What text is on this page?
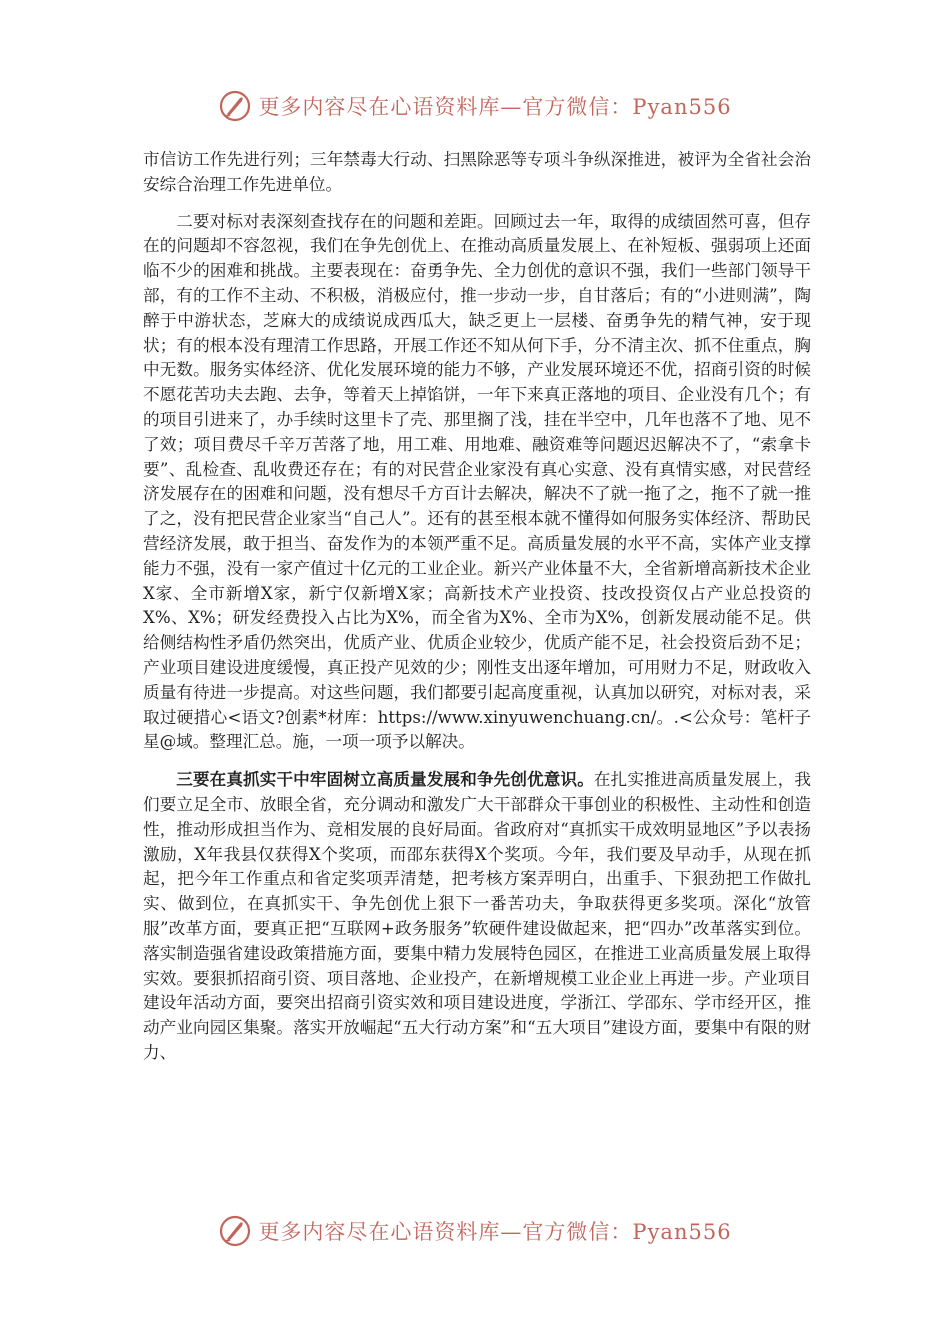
更多内容尽在心语资料库—官方微信：Pyan556

市信访工作先进行列；三年禁毒大行动、扫黑除恶等专项斗争纵深推进，被评为全省社会治安综合治理工作先进单位。

二要对标对表深刻查找存在的问题和差距。回顾过去一年，取得的成绩固然可喜，但存在的问题却不容忽视，我们在争先创优上、在推动高质量发展上、在补短板、强弱项上还面临不少的困难和挑战。主要表现在：奋勇争先、全力创优的意识不强，我们一些部门领导干部，有的工作不主动、不积极，消极应付，推一步动一步，自甘落后；有的“小进则满”，陶醉于中游状态，芝麻大的成绩说成西瓜大，缺乏更上一层楼、奋勇争先的精气神，安于现状；有的根本没有理清工作思路，开展工作还不知从何下手，分不清主次、抓不住重点，胸中无数。服务实体经济、优化发展环境的能力不够，产业发展环境还不优，招商引资的时候不愿花苦功夫去跑、去争，等着天上掉馅饼，一年下来真正落地的项目、企业没有几个；有的项目引进来了，办手续时这里卡了壳、那里搁了浅，挂在半空中，几年也落不了地、见不了效；项目费尽千辛万苦落了地，用工难、用地难、融资难等问题迟迟解决不了，“索拿卡要”、乱检查、乱收费还存在；有的对民营企业家没有真心实意、没有真情实感，对民营经济发展存在的困难和问题，没有想尽千方百计去解决，解决不了就一拖了之，拖不了就一推了之，没有把民营企业家当“自己人”。还有的甚至根本就不懂得如何服务实体经济、帮助民营经济发展，敢于担当、奋发作为的本领严重不足。高质量发展的水平不高，实体产业支撑能力不强，没有一家产值过十亿元的工业企业。新兴产业体量不大，全省新增高新技术企业X家、全市新增X家，新宁仅新增X家；高新技术产业投资、技改投资仅占产业总投资的X%、X%；研发经费投入占比为X%，而全省为X%、全市为X%，创新发展动能不足。供给侧结构性矛盾仍然突出，优质产业、优质企业较少，优质产能不足，社会投资后劲不足；产业项目建设进度缓慢，真正投产见效的少；刚性支出逐年增加，可用财力不足，财政收入质量有待进一步提高。对这些问题，我们都要引起高度重视，认真加以研究，对标对表，采取过硬措心<语文?创素*材库：https://www.xinyuwenchuang.cn/。.<公众号：笔杆子星@域。整理汇总。施，一项一项予以解决。

三要在真抓实干中牢固树立高质量发展和争先创优意识。在扎实推进高质量发展上，我们要立足全市、放眼全省，充分调动和激发广大干部群众干事创业的积极性、主动性和创造性，推动形成担当作为、竞相发展的良好局面。省政府对“真抓实干成效明显地区”予以表扬激励，X年我县仅获得X个奖项，而邵东获得X个奖项。今年，我们要及早动手，从现在抓起，把今年工作重点和省定奖项弄清楚，把考核方案弄明白，出重手、下狠劲把工作做扎实、做到位，在真抓实干、争先创优上狠下一番苦功夫，争取获得更多奖项。深化“放管服”改革方面，要真正把“互联网+政务服务”软硬件建设做起来，把“四办”改革落实到位。落实制造强省建设政策措施方面，要集中精力发展特色园区，在推进工业高质量发展上取得实效。要狠抓招商引资、项目落地、企业投产，在新增规模工业企业上再进一步。产业项目建设年活动方面，要突出招商引资实效和项目建设进度，学浙江、学邵东、学市经开区，推动产业向园区集聚。落实开放崛起“五大行动方案”和“五大项目”建设方面，要集中有限的财力、

更多内容尽在心语资料库—官方微信：Pyan556
